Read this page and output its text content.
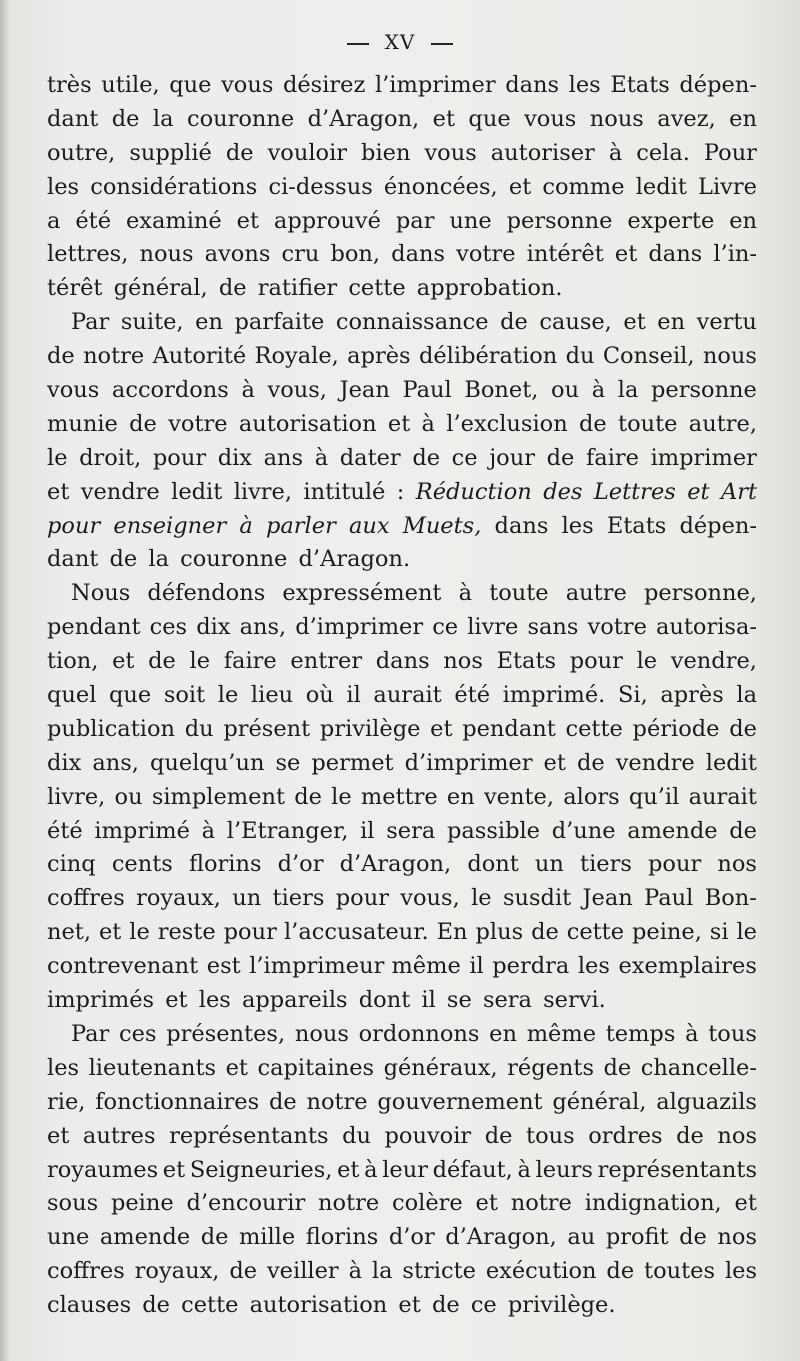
XV
très utile, que vous désirez l’imprimer dans les Etats dépen-
dant de la couronne d’Aragon, et que vous nous avez, en
outre, supplié de vouloir bien vous autoriser à cela. Pour
les considérations ci-dessus énoncées, et comme ledit Livre
a été examiné et approuvé par une personne experte en
lettres, nous avons cru bon, dans votre intérêt et dans l’in-
térêt général, de ratifier cette approbation.
Par suite, en parfaite connaissance de cause, et en vertu
de notre Autorité Royale, après délibération du Conseil, nous
vous accordons à vous, Jean Paul Bonet, ou à la personne
munie de votre autorisation et à l’exclusion de toute autre,
le droit, pour dix ans à dater de ce jour de faire imprimer
et vendre ledit livre, intitulé : Réduction des Lettres et Art
pour enseigner à parler aux Muets, dans les Etats dépen-
dant de la couronne d’Aragon.
Nous défendons expressément à toute autre personne,
pendant ces dix ans, d’imprimer ce livre sans votre autorisa-
tion, et de le faire entrer dans nos Etats pour le vendre,
quel que soit le lieu où il aurait été imprimé. Si, après la
publication du présent privilège et pendant cette période de
dix ans, quelqu’un se permet d’imprimer et de vendre ledit
livre, ou simplement de le mettre en vente, alors qu’il aurait
été imprimé à l’Etranger, il sera passible d’une amende de
cinq cents florins d’or d’Aragon, dont un tiers pour nos
coffres royaux, un tiers pour vous, le susdit Jean Paul Bon-
net, et le reste pour l’accusateur. En plus de cette peine, si le
contrevenant est l’imprimeur même il perdra les exemplaires
imprimés et les appareils dont il se sera servi.
Par ces présentes, nous ordonnons en même temps à tous
les lieutenants et capitaines généraux, régents de chancelle-
rie, fonctionnaires de notre gouvernement général, alguazils
et autres représentants du pouvoir de tous ordres de nos
royaumes et Seigneuries, et à leur défaut, à leurs représentants
sous peine d’encourir notre colère et notre indignation, et
une amende de mille florins d’or d’Aragon, au profit de nos
coffres royaux, de veiller à la stricte exécution de toutes les
clauses de cette autorisation et de ce privilège.
